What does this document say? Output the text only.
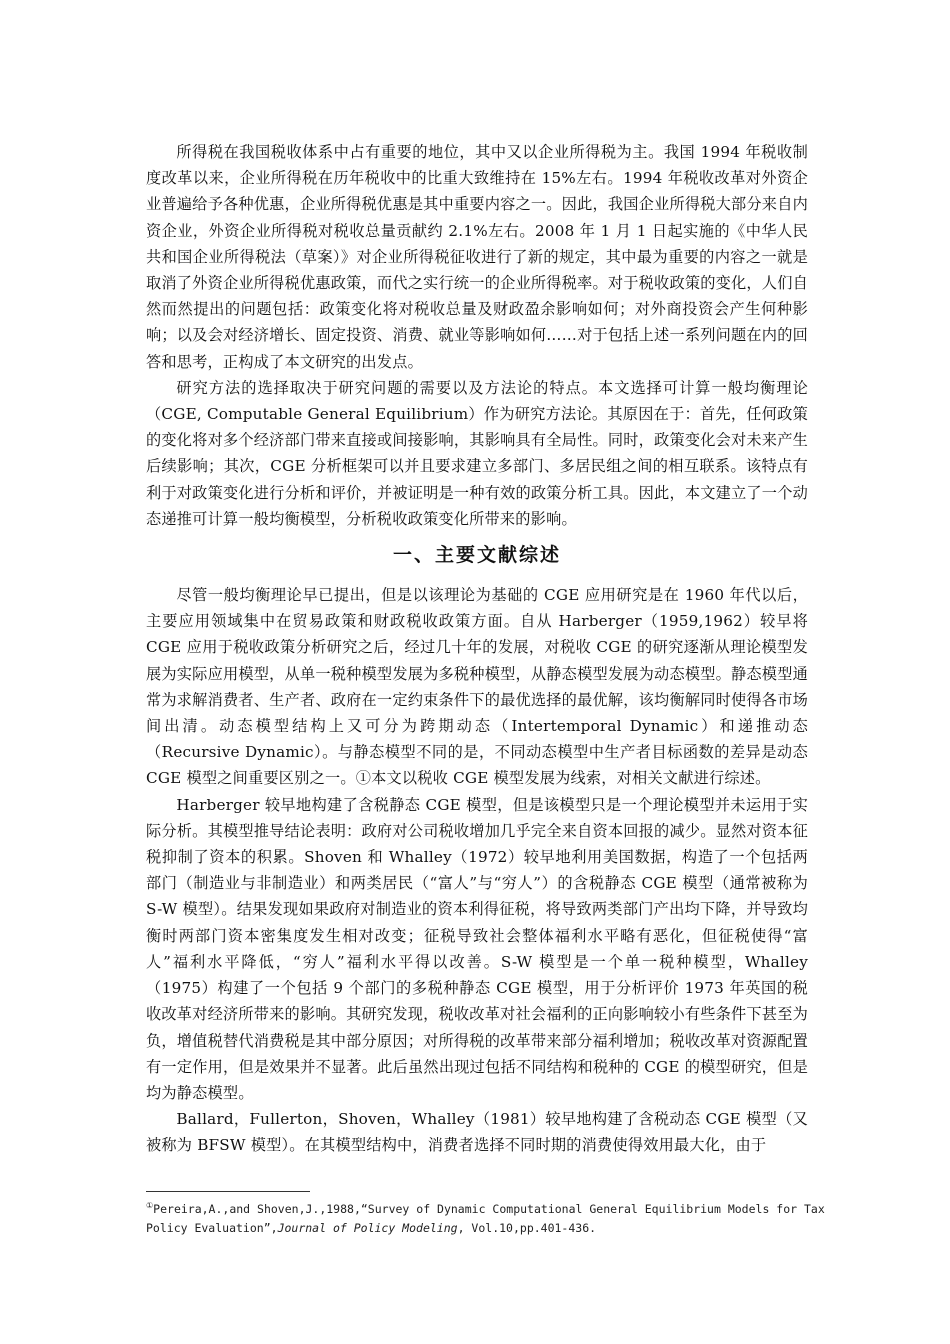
所得税在我国税收体系中占有重要的地位，其中又以企业所得税为主。我国 1994 年税收制度改革以来，企业所得税在历年税收中的比重大致维持在 15%左右。1994 年税收改革对外资企业普遍给予各种优惠，企业所得税优惠是其中重要内容之一。因此，我国企业所得税大部分来自内资企业，外资企业所得税对税收总量贡献约 2.1%左右。2008 年 1 月 1 日起实施的《中华人民共和国企业所得税法（草案）》对企业所得税征收进行了新的规定，其中最为重要的内容之一就是取消了外资企业所得税优惠政策，而代之实行统一的企业所得税率。对于税收政策的变化，人们自然而然提出的问题包括：政策变化将对税收总量及财政盈余影响如何；对外商投资会产生何种影响；以及会对经济增长、固定投资、消费、就业等影响如何……对于包括上述一系列问题在内的回答和思考，正构成了本文研究的出发点。

研究方法的选择取决于研究问题的需要以及方法论的特点。本文选择可计算一般均衡理论（CGE, Computable General Equilibrium）作为研究方法论。其原因在于：首先，任何政策的变化将对多个经济部门带来直接或间接影响，其影响具有全局性。同时，政策变化会对未来产生后续影响；其次，CGE 分析框架可以并且要求建立多部门、多居民组之间的相互联系。该特点有利于对政策变化进行分析和评价，并被证明是一种有效的政策分析工具。因此，本文建立了一个动态递推可计算一般均衡模型，分析税收政策变化所带来的影响。

一、主要文献综述

尽管一般均衡理论早已提出，但是以该理论为基础的 CGE 应用研究是在 1960 年代以后，主要应用领域集中在贸易政策和财政税收政策方面。自从 Harberger（1959,1962）较早将 CGE 应用于税收政策分析研究之后，经过几十年的发展，对税收 CGE 的研究逐渐从理论模型发展为实际应用模型，从单一税种模型发展为多税种模型，从静态模型发展为动态模型。静态模型通常为求解消费者、生产者、政府在一定约束条件下的最优选择的最优解，该均衡解同时使得各市场间出清。动态模型结构上又可分为跨期动态（Intertemporal Dynamic）和递推动态（Recursive Dynamic）。与静态模型不同的是，不同动态模型中生产者目标函数的差异是动态 CGE 模型之间重要区别之一。①本文以税收 CGE 模型发展为线索，对相关文献进行综述。

Harberger 较早地构建了含税静态 CGE 模型，但是该模型只是一个理论模型并未运用于实际分析。其模型推导结论表明：政府对公司税收增加几乎完全来自资本回报的减少。显然对资本征税抑制了资本的积累。Shoven 和 Whalley（1972）较早地利用美国数据，构造了一个包括两部门（制造业与非制造业）和两类居民（“富人”与“穷人”）的含税静态 CGE 模型（通常被称为 S-W 模型）。结果发现如果政府对制造业的资本利得征税，将导致两类部门产出均下降，并导致均衡时两部门资本密集度发生相对改变；征税导致社会整体福利水平略有恶化，但征税使得“富人”福利水平降低，“穷人”福利水平得以改善。S-W 模型是一个单一税种模型，Whalley（1975）构建了一个包括 9 个部门的多税种静态 CGE 模型，用于分析评价 1973 年英国的税收改革对经济所带来的影响。其研究发现，税收改革对社会福利的正向影响较小有些条件下甚至为负，增值税替代消费税是其中部分原因；对所得税的改革带来部分福利增加；税收改革对资源配置有一定作用，但是效果并不显著。此后虽然出现过包括不同结构和税种的 CGE 的模型研究，但是均为静态模型。

Ballard，Fullerton，Shoven，Whalley（1981）较早地构建了含税动态 CGE 模型（又被称为 BFSW 模型）。在其模型结构中，消费者选择不同时期的消费使得效用最大化，由于

①Pereira,A.,and Shoven,J.,1988,“Survey of Dynamic Computational General Equilibrium Models for Tax Policy Evaluation”,Journal of Policy Modeling, Vol.10,pp.401-436.
